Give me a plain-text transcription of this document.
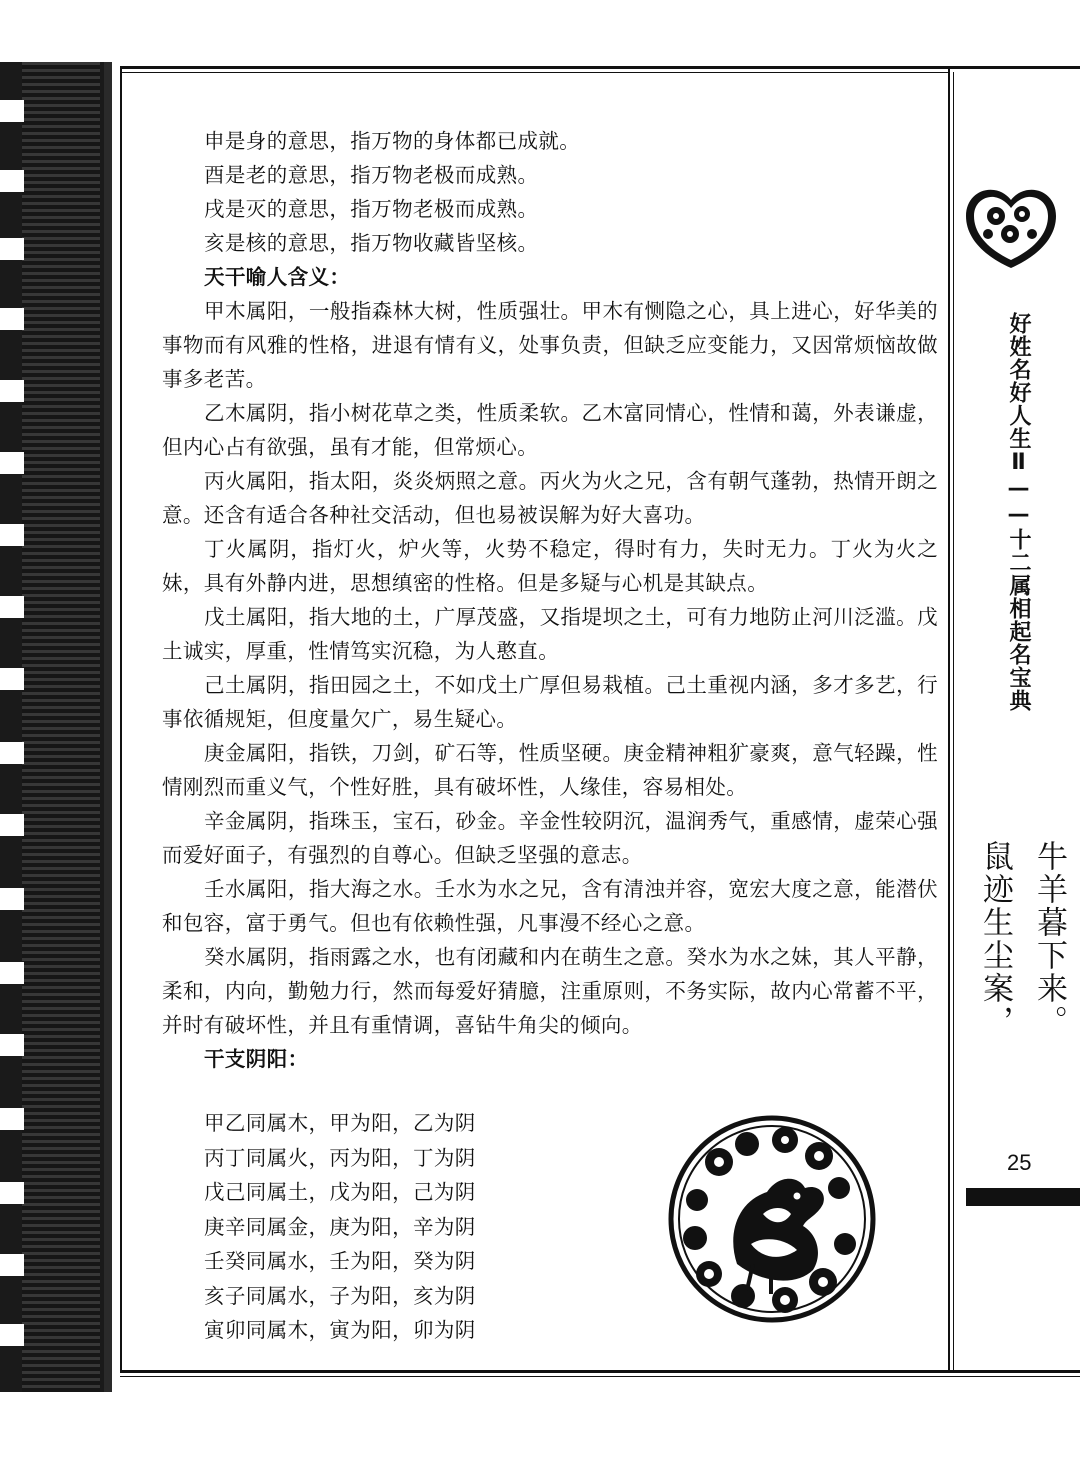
申是身的意思，指万物的身体都已成就。

酉是老的意思，指万物老极而成熟。

戌是灭的意思，指万物老极而成熟。

亥是核的意思，指万物收藏皆坚核。

天干喻人含义：

甲木属阳，一般指森林大树，性质强壮。甲木有恻隐之心，具上进心，好华美的事物而有风雅的性格，进退有情有义，处事负责，但缺乏应变能力，又因常烦恼故做事多老苦。

乙木属阴，指小树花草之类，性质柔软。乙木富同情心，性情和蔼，外表谦虚，但内心占有欲强，虽有才能，但常烦心。

丙火属阳，指太阳，炎炎炳照之意。丙火为火之兄，含有朝气蓬勃，热情开朗之意。还含有适合各种社交活动，但也易被误解为好大喜功。

丁火属阴，指灯火，炉火等，火势不稳定，得时有力，失时无力。丁火为火之妹，具有外静内进，思想缜密的性格。但是多疑与心机是其缺点。

戊土属阳，指大地的土，广厚茂盛，又指堤坝之土，可有力地防止河川泛滥。戊土诚实，厚重，性情笃实沉稳，为人憨直。

己土属阴，指田园之土，不如戊土广厚但易栽植。己土重视内涵，多才多艺，行事依循规矩，但度量欠广，易生疑心。

庚金属阳，指铁，刀剑，矿石等，性质坚硬。庚金精神粗犷豪爽，意气轻躁，性情刚烈而重义气，个性好胜，具有破坏性，人缘佳，容易相处。

辛金属阴，指珠玉，宝石，砂金。辛金性较阴沉，温润秀气，重感情，虚荣心强而爱好面子，有强烈的自尊心。但缺乏坚强的意志。

壬水属阳，指大海之水。壬水为水之兄，含有清浊并容，宽宏大度之意，能潜伏和包容，富于勇气。但也有依赖性强，凡事漫不经心之意。

癸水属阴，指雨露之水，也有闭藏和内在萌生之意。癸水为水之妹，其人平静，柔和，内向，勤勉力行，然而每爱好猜臆，注重原则，不务实际，故内心常蓄不平，并时有破坏性，并且有重情调，喜钻牛角尖的倾向。

干支阴阳：

甲乙同属木，甲为阳，乙为阴
丙丁同属火，丙为阳，丁为阴
戊己同属土，戊为阳，己为阴
庚辛同属金，庚为阳，辛为阴
壬癸同属水，壬为阳，癸为阴
亥子同属水，子为阳，亥为阴
寅卯同属木，寅为阳，卯为阴
好姓名好人生Ⅱ——十二属相起名宝典
牛羊暮下来。
鼠迹生尘案，
25
